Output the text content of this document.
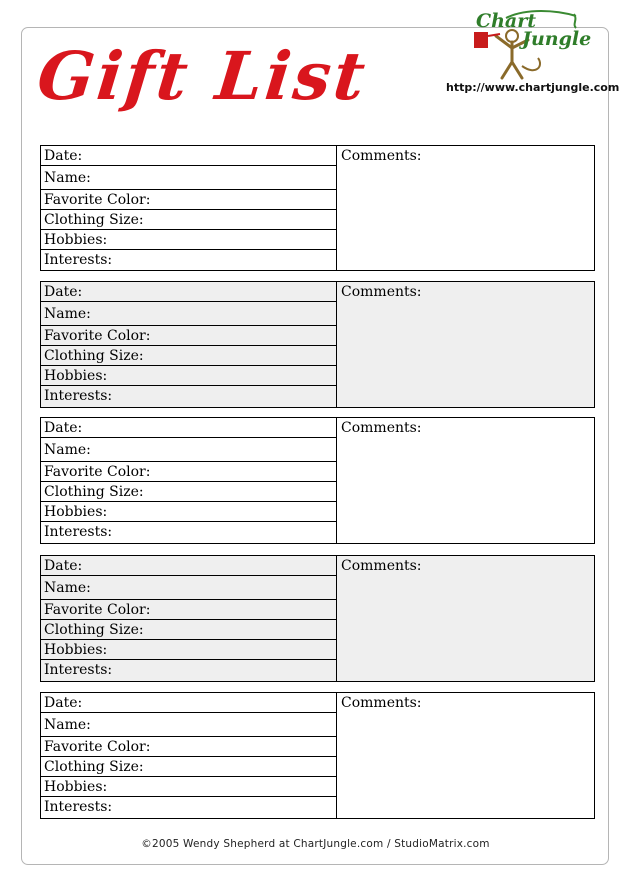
Gift List
Chart
Jungle
http://www.chartjungle.com
Date:
Name:
Favorite Color:
Clothing Size:
Hobbies:
Interests:
Comments:
Date:
Name:
Favorite Color:
Clothing Size:
Hobbies:
Interests:
Comments:
Date:
Name:
Favorite Color:
Clothing Size:
Hobbies:
Interests:
Comments:
Date:
Name:
Favorite Color:
Clothing Size:
Hobbies:
Interests:
Comments:
Date:
Name:
Favorite Color:
Clothing Size:
Hobbies:
Interests:
Comments:
©2005 Wendy Shepherd at ChartJungle.com / StudioMatrix.com
